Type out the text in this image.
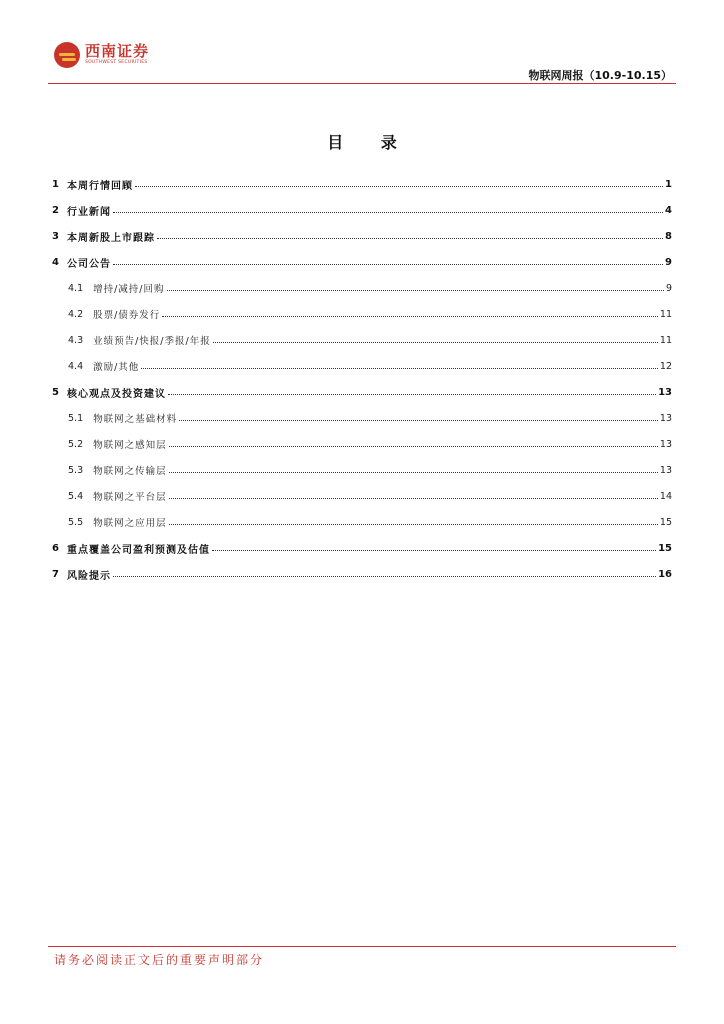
西南证券
SOUTHWEST SECURITIES
物联网周报（10.9-10.15）
目 录
1 本周行情回顾	1
2 行业新闻	4
3 本周新股上市跟踪	8
4 公司公告	9
4.1 增持/减持/回购	9
4.2 股票/债券发行	11
4.3 业绩预告/快报/季报/年报	11
4.4 激励/其他	12
5 核心观点及投资建议	13
5.1 物联网之基础材料	13
5.2 物联网之感知层	13
5.3 物联网之传输层	13
5.4 物联网之平台层	14
5.5 物联网之应用层	15
6 重点覆盖公司盈利预测及估值	15
7 风险提示	16
请务必阅读正文后的重要声明部分
